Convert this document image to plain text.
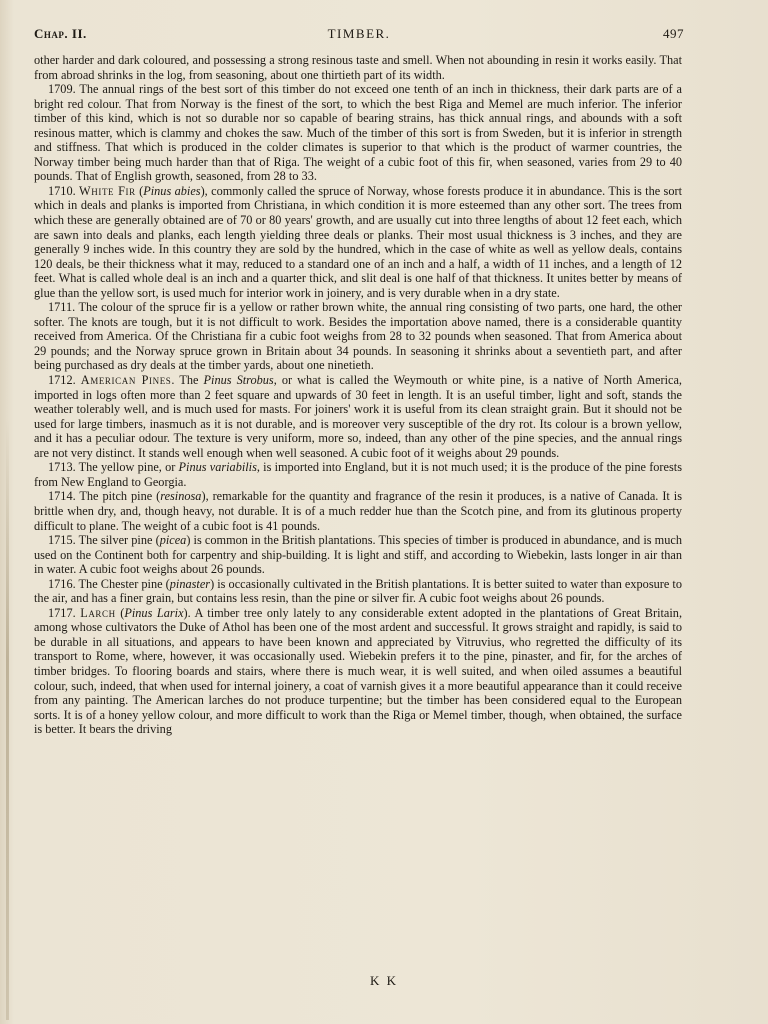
Chap. II.	TIMBER.	497

other harder and dark coloured, and possessing a strong resinous taste and smell. When not abounding in resin it works easily. That from abroad shrinks in the log, from seasoning, about one thirtieth part of its width.

1709. The annual rings of the best sort of this timber do not exceed one tenth of an inch in thickness, their dark parts are of a bright red colour. That from Norway is the finest of the sort, to which the best Riga and Memel are much inferior. The inferior timber of this kind, which is not so durable nor so capable of bearing strains, has thick annual rings, and abounds with a soft resinous matter, which is clammy and chokes the saw. Much of the timber of this sort is from Sweden, but it is inferior in strength and stiffness. That which is produced in the colder climates is superior to that which is the product of warmer countries, the Norway timber being much harder than that of Riga. The weight of a cubic foot of this fir, when seasoned, varies from 29 to 40 pounds. That of English growth, seasoned, from 28 to 33.

1710. White Fir (Pinus abies), commonly called the spruce of Norway, whose forests produce it in abundance. This is the sort which in deals and planks is imported from Christiana, in which condition it is more esteemed than any other sort. The trees from which these are generally obtained are of 70 or 80 years' growth, and are usually cut into three lengths of about 12 feet each, which are sawn into deals and planks, each length yielding three deals or planks. Their most usual thickness is 3 inches, and they are generally 9 inches wide. In this country they are sold by the hundred, which in the case of white as well as yellow deals, contains 120 deals, be their thickness what it may, reduced to a standard one of an inch and a half, a width of 11 inches, and a length of 12 feet. What is called whole deal is an inch and a quarter thick, and slit deal is one half of that thickness. It unites better by means of glue than the yellow sort, is used much for interior work in joinery, and is very durable when in a dry state.

1711. The colour of the spruce fir is a yellow or rather brown white, the annual ring consisting of two parts, one hard, the other softer. The knots are tough, but it is not difficult to work. Besides the importation above named, there is a considerable quantity received from America. Of the Christiana fir a cubic foot weighs from 28 to 32 pounds when seasoned. That from America about 29 pounds; and the Norway spruce grown in Britain about 34 pounds. In seasoning it shrinks about a seventieth part, and after being purchased as dry deals at the timber yards, about one ninetieth.

1712. American Pines. The Pinus Strobus, or what is called the Weymouth or white pine, is a native of North America, imported in logs often more than 2 feet square and upwards of 30 feet in length. It is an useful timber, light and soft, stands the weather tolerably well, and is much used for masts. For joiners' work it is useful from its clean straight grain. But it should not be used for large timbers, inasmuch as it is not durable, and is moreover very susceptible of the dry rot. Its colour is a brown yellow, and it has a peculiar odour. The texture is very uniform, more so, indeed, than any other of the pine species, and the annual rings are not very distinct. It stands well enough when well seasoned. A cubic foot of it weighs about 29 pounds.

1713. The yellow pine, or Pinus variabilis, is imported into England, but it is not much used; it is the produce of the pine forests from New England to Georgia.

1714. The pitch pine (resinosa), remarkable for the quantity and fragrance of the resin it produces, is a native of Canada. It is brittle when dry, and, though heavy, not durable. It is of a much redder hue than the Scotch pine, and from its glutinous property difficult to plane. The weight of a cubic foot is 41 pounds.

1715. The silver pine (picea) is common in the British plantations. This species of timber is produced in abundance, and is much used on the Continent both for carpentry and ship-building. It is light and stiff, and according to Wiebekin, lasts longer in air than in water. A cubic foot weighs about 26 pounds.

1716. The Chester pine (pinaster) is occasionally cultivated in the British plantations. It is better suited to water than exposure to the air, and has a finer grain, but contains less resin, than the pine or silver fir. A cubic foot weighs about 26 pounds.

1717. Larch (Pinus Larix). A timber tree only lately to any considerable extent adopted in the plantations of Great Britain, among whose cultivators the Duke of Athol has been one of the most ardent and successful. It grows straight and rapidly, is said to be durable in all situations, and appears to have been known and appreciated by Vitruvius, who regretted the difficulty of its transport to Rome, where, however, it was occasionally used. Wiebekin prefers it to the pine, pinaster, and fir, for the arches of timber bridges. To flooring boards and stairs, where there is much wear, it is well suited, and when oiled assumes a beautiful colour, such, indeed, that when used for internal joinery, a coat of varnish gives it a more beautiful appearance than it could receive from any painting. The American larches do not produce turpentine; but the timber has been considered equal to the European sorts. It is of a honey yellow colour, and more difficult to work than the Riga or Memel timber, though, when obtained, the surface is better. It bears the driving

K K
